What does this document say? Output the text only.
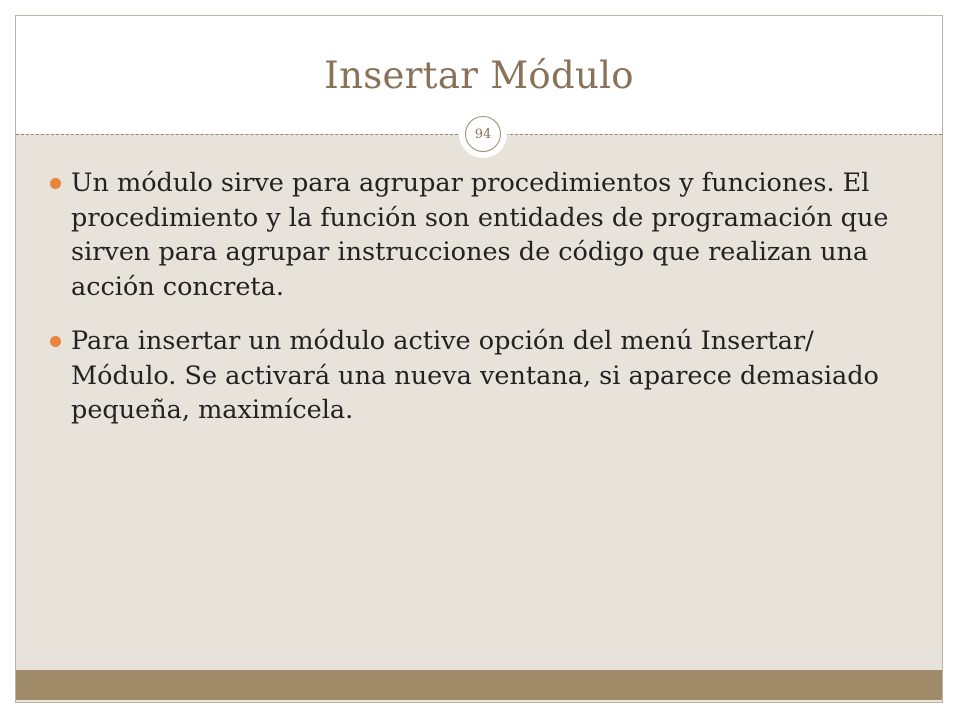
Insertar Módulo
94
Un módulo sirve para agrupar procedimientos y funciones. El procedimiento y la función son entidades de programación que sirven para agrupar instrucciones de código que realizan una acción concreta.
Para insertar un módulo active opción del menú Insertar/ Módulo. Se activará una nueva ventana, si aparece demasiado pequeña, maximícela.
